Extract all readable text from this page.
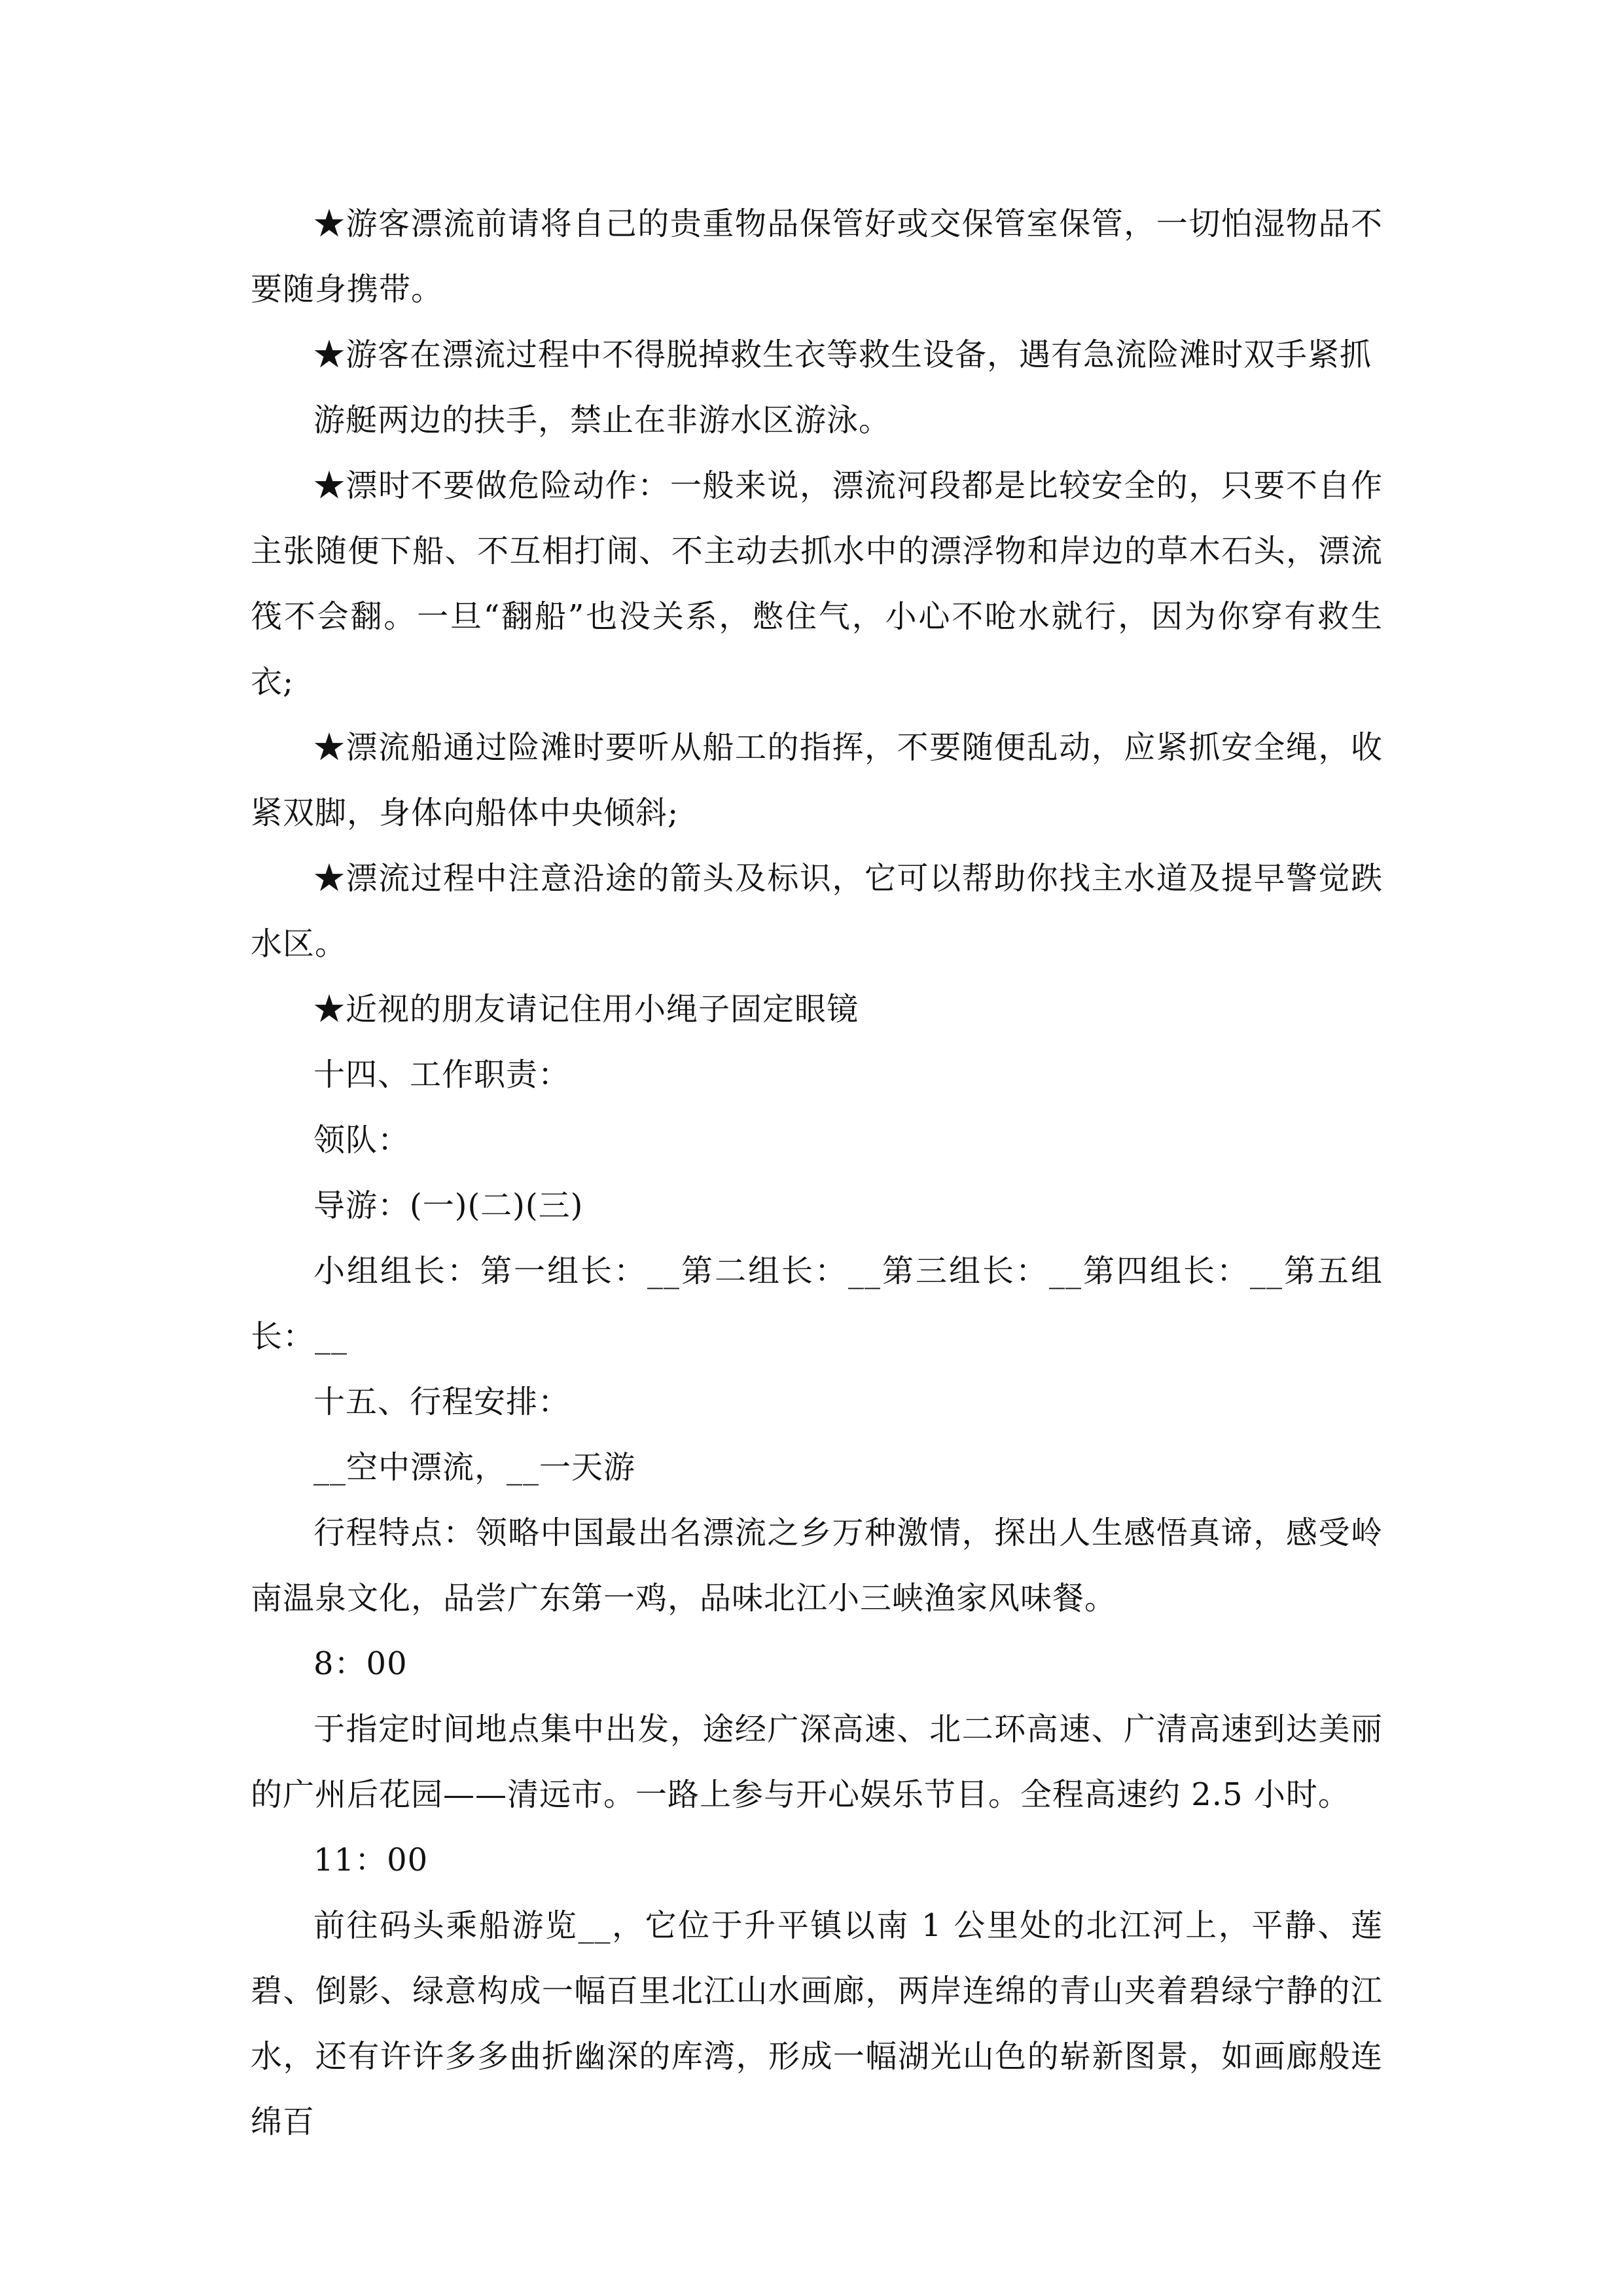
★游客漂流前请将自己的贵重物品保管好或交保管室保管，一切怕湿物品不要随身携带。

★游客在漂流过程中不得脱掉救生衣等救生设备，遇有急流险滩时双手紧抓

游艇两边的扶手，禁止在非游水区游泳。

★漂时不要做危险动作：一般来说，漂流河段都是比较安全的，只要不自作主张随便下船、不互相打闹、不主动去抓水中的漂浮物和岸边的草木石头，漂流筏不会翻。一旦“翻船”也没关系，憋住气，小心不呛水就行，因为你穿有救生衣;

★漂流船通过险滩时要听从船工的指挥，不要随便乱动，应紧抓安全绳，收紧双脚，身体向船体中央倾斜;

★漂流过程中注意沿途的箭头及标识，它可以帮助你找主水道及提早警觉跌水区。

★近视的朋友请记住用小绳子固定眼镜

十四、工作职责：

领队：

导游：(一)(二)(三)

小组组长：第一组长：__第二组长：__第三组长：__第四组长：__第五组长：__

十五、行程安排：

__空中漂流，__一天游

行程特点：领略中国最出名漂流之乡万种激情，探出人生感悟真谛，感受岭南温泉文化，品尝广东第一鸡，品味北江小三峡渔家风味餐。

8：00

于指定时间地点集中出发，途经广深高速、北二环高速、广清高速到达美丽的广州后花园——清远市。一路上参与开心娱乐节目。全程高速约 2.5 小时。

11：00

前往码头乘船游览__，它位于升平镇以南 1 公里处的北江河上，平静、莲碧、倒影、绿意构成一幅百里北江山水画廊，两岸连绵的青山夹着碧绿宁静的江水，还有许许多多曲折幽深的库湾，形成一幅湖光山色的崭新图景，如画廊般连绵百
